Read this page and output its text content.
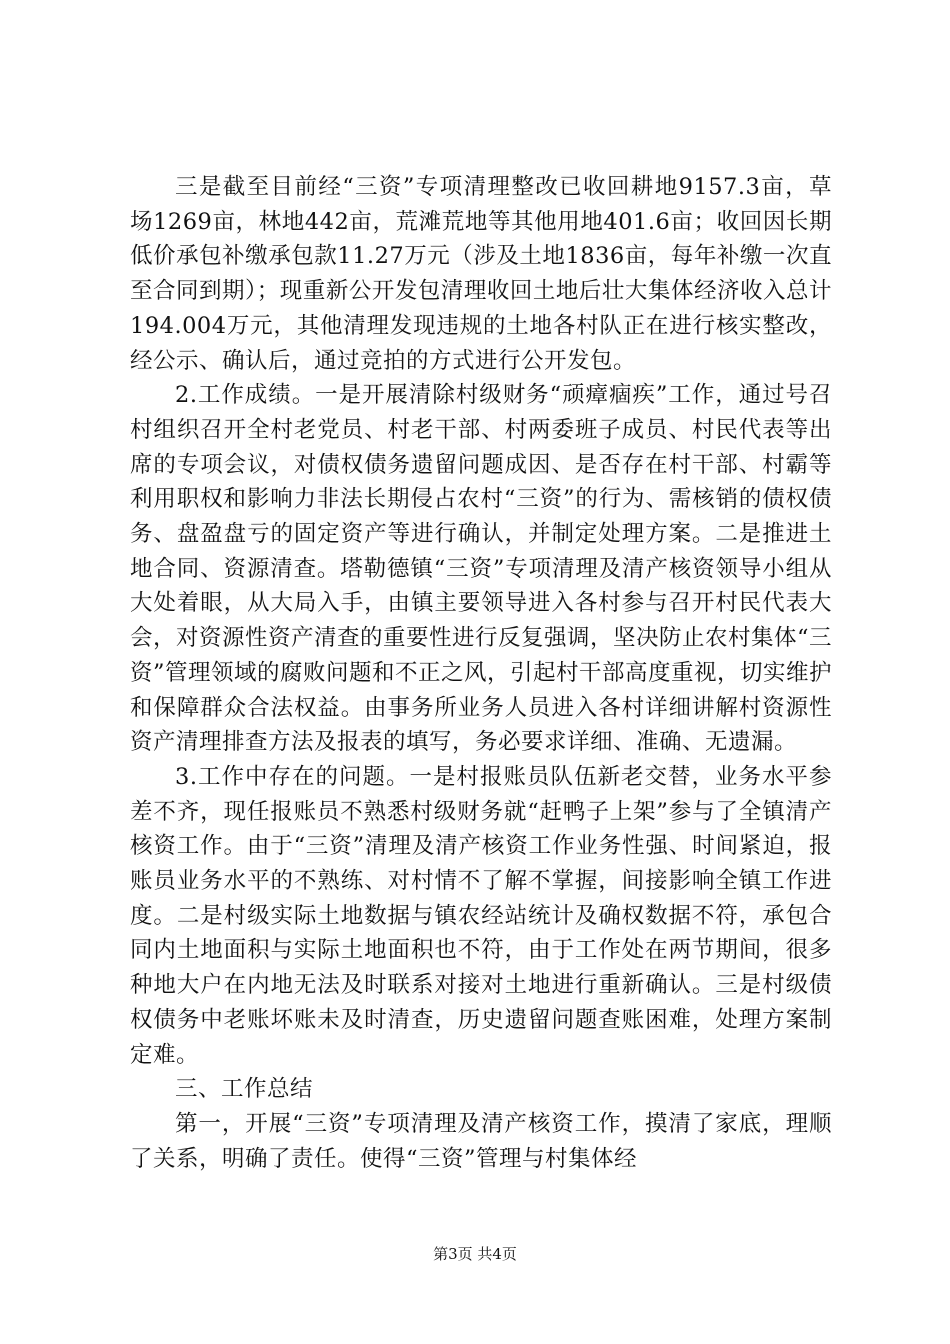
三是截至目前经“三资”专项清理整改已收回耕地9157.3亩，草场1269亩，林地442亩，荒滩荒地等其他用地401.6亩；收回因长期低价承包补缴承包款11.27万元（涉及土地1836亩，每年补缴一次直至合同到期）；现重新公开发包清理收回土地后壮大集体经济收入总计194.004万元，其他清理发现违规的土地各村队正在进行核实整改，经公示、确认后，通过竞拍的方式进行公开发包。

2.工作成绩。一是开展清除村级财务“顽瘴痼疾”工作，通过号召村组织召开全村老党员、村老干部、村两委班子成员、村民代表等出席的专项会议，对债权债务遗留问题成因、是否存在村干部、村霸等利用职权和影响力非法长期侵占农村“三资”的行为、需核销的债权债务、盘盈盘亏的固定资产等进行确认，并制定处理方案。二是推进土地合同、资源清查。塔勒德镇“三资”专项清理及清产核资领导小组从大处着眼，从大局入手，由镇主要领导进入各村参与召开村民代表大会，对资源性资产清查的重要性进行反复强调，坚决防止农村集体“三资”管理领域的腐败问题和不正之风，引起村干部高度重视，切实维护和保障群众合法权益。由事务所业务人员进入各村详细讲解村资源性资产清理排查方法及报表的填写，务必要求详细、准确、无遗漏。

3.工作中存在的问题。一是村报账员队伍新老交替，业务水平参差不齐，现任报账员不熟悉村级财务就“赶鸭子上架”参与了全镇清产核资工作。由于“三资”清理及清产核资工作业务性强、时间紧迫，报账员业务水平的不熟练、对村情不了解不掌握，间接影响全镇工作进度。二是村级实际土地数据与镇农经站统计及确权数据不符，承包合同内土地面积与实际土地面积也不符，由于工作处在两节期间，很多种地大户在内地无法及时联系对接对土地进行重新确认。三是村级债权债务中老账坏账未及时清查，历史遗留问题查账困难，处理方案制定难。

三、工作总结

第一，开展“三资”专项清理及清产核资工作，摸清了家底，理顺了关系，明确了责任。使得“三资”管理与村集体经

第3页 共4页
